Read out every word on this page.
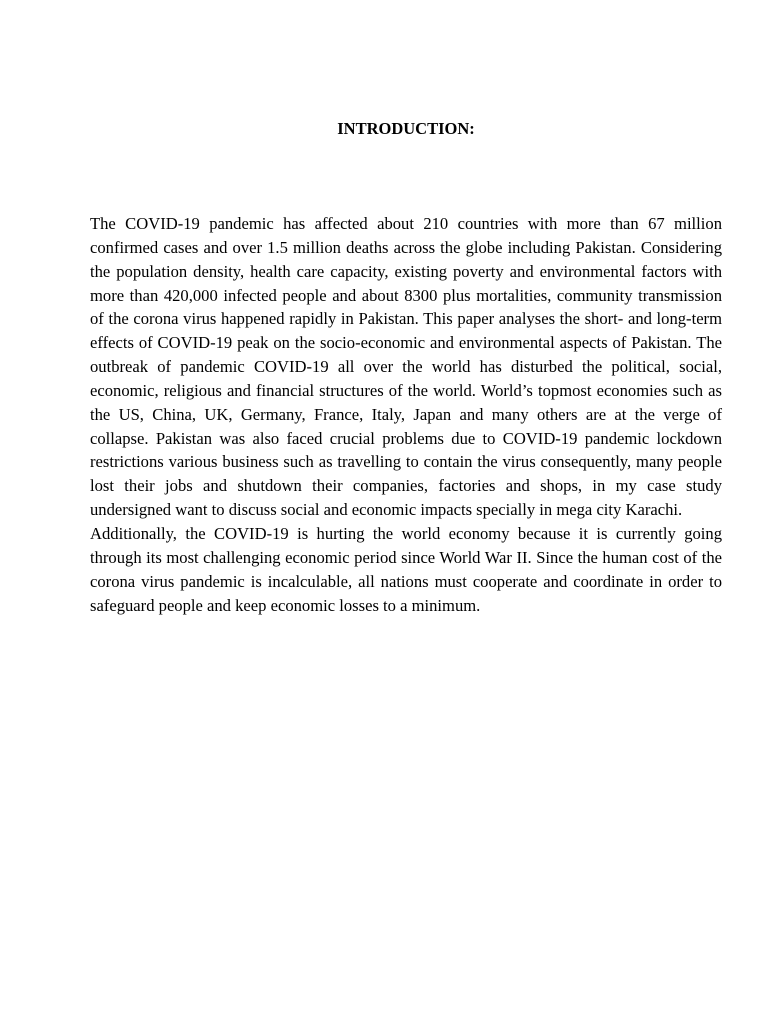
INTRODUCTION:

The COVID-19 pandemic has affected about 210 countries with more than 67 million confirmed cases and over 1.5 million deaths across the globe including Pakistan. Considering the population density, health care capacity, existing poverty and environmental factors with more than 420,000 infected people and about 8300 plus mortalities, community transmission of the corona virus happened rapidly in Pakistan. This paper analyses the short- and long-term effects of COVID-19 peak on the socio-economic and environmental aspects of Pakistan. The outbreak of pandemic COVID-19 all over the world has disturbed the political, social, economic, religious and financial structures of the world. World’s topmost economies such as the US, China, UK, Germany, France, Italy, Japan and many others are at the verge of collapse. Pakistan was also faced crucial problems due to COVID-19 pandemic lockdown restrictions various business such as travelling to contain the virus consequently, many people lost their jobs and shutdown their companies, factories and shops, in my case study undersigned want to discuss social and economic impacts specially in mega city Karachi.

Additionally, the COVID-19 is hurting the world economy because it is currently going through its most challenging economic period since World War II. Since the human cost of the corona virus pandemic is incalculable, all nations must cooperate and coordinate in order to safeguard people and keep economic losses to a minimum.
